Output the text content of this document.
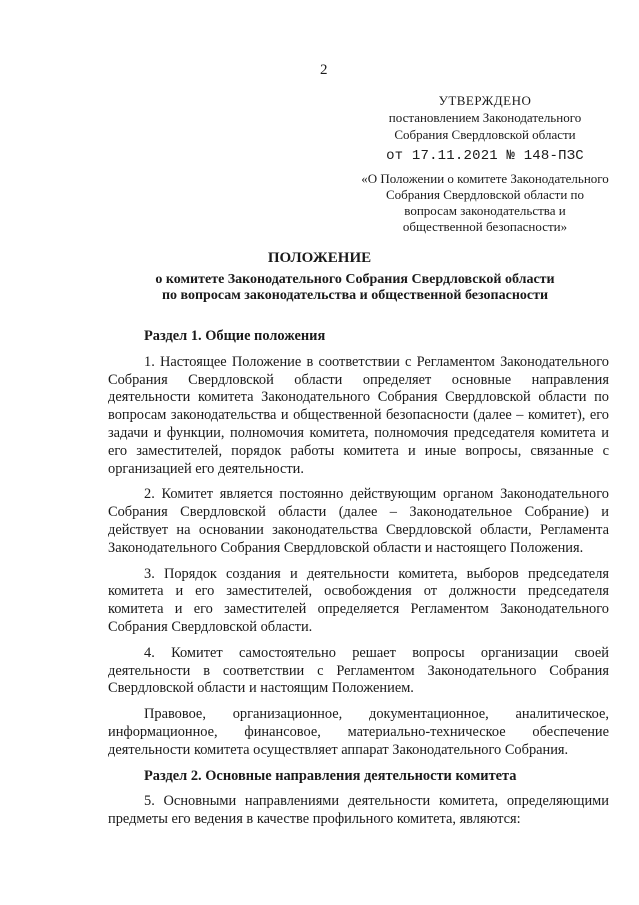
2
УТВЕРЖДЕНО
постановлением Законодательного
Собрания Свердловской области
от 17.11.2021 № 148-ПЗС
«О Положении о комитете Законодательного
Собрания Свердловской области по
вопросам законодательства и
общественной безопасности»
ПОЛОЖЕНИЕ
о комитете Законодательного Собрания Свердловской области
по вопросам законодательства и общественной безопасности
Раздел 1. Общие положения

1. Настоящее Положение в соответствии с Регламентом Законодательного Собрания Свердловской области определяет основные направления деятельности комитета Законодательного Собрания Свердловской области по вопросам законодательства и общественной безопасности (далее – комитет), его задачи и функции, полномочия комитета, полномочия председателя комитета и его заместителей, порядок работы комитета и иные вопросы, связанные с организацией его деятельности.

2. Комитет является постоянно действующим органом Законодательного Собрания Свердловской области (далее – Законодательное Собрание) и действует на основании законодательства Свердловской области, Регламента Законодательного Собрания Свердловской области и настоящего Положения.

3. Порядок создания и деятельности комитета, выборов председателя комитета и его заместителей, освобождения от должности председателя комитета и его заместителей определяется Регламентом Законодательного Собрания Свердловской области.

4. Комитет самостоятельно решает вопросы организации своей деятельности в соответствии с Регламентом Законодательного Собрания Свердловской области и настоящим Положением.

Правовое, организационное, документационное, аналитическое, информационное, финансовое, материально-техническое обеспечение деятельности комитета осуществляет аппарат Законодательного Собрания.

Раздел 2. Основные направления деятельности комитета

5. Основными направлениями деятельности комитета, определяющими предметы его ведения в качестве профильного комитета, являются:
